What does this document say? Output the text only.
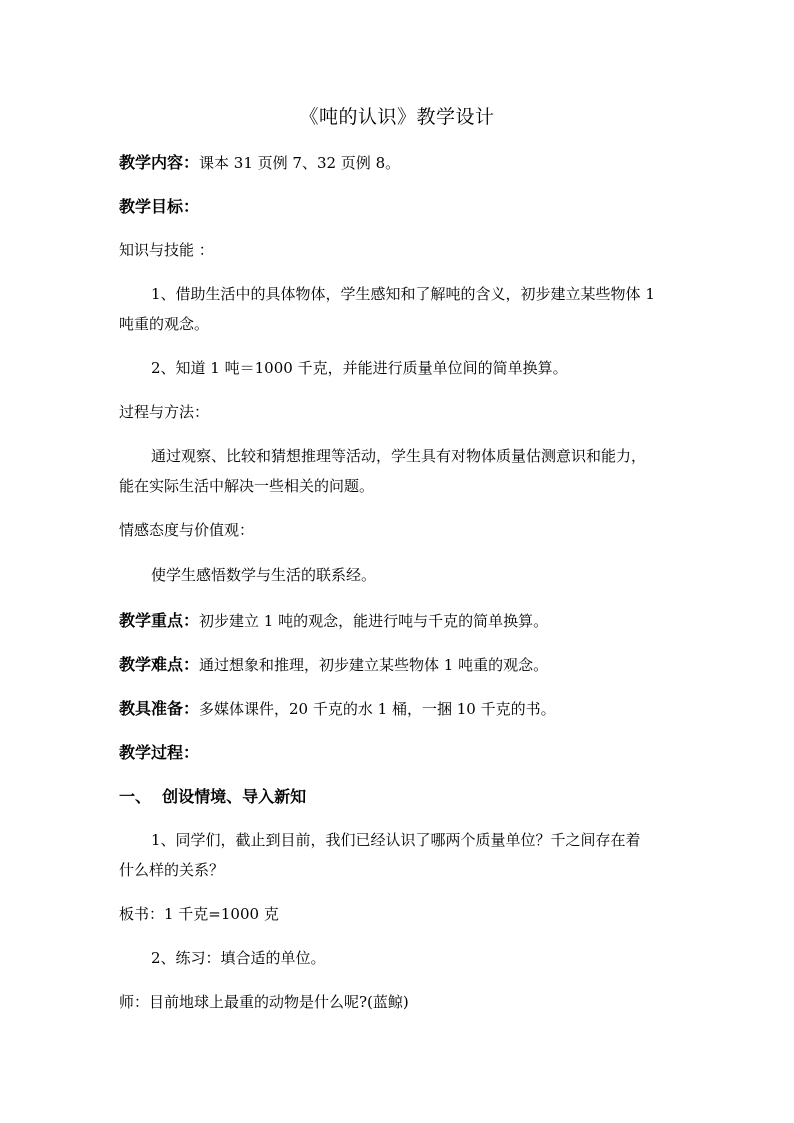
《吨的认识》教学设计
教学内容：课本 31 页例 7、32 页例 8。
教学目标：
知识与技能 ：
1、借助生活中的具体物体，学生感知和了解吨的含义，初步建立某些物体 1
吨重的观念。
2、知道 1 吨＝1000 千克，并能进行质量单位间的简单换算。
过程与方法：
通过观察、比较和猜想推理等活动，学生具有对物体质量估测意识和能力，
能在实际生活中解决一些相关的问题。
情感态度与价值观：
使学生感悟数学与生活的联系经。
教学重点：初步建立 1 吨的观念，能进行吨与千克的简单换算。
教学难点：通过想象和推理，初步建立某些物体 1 吨重的观念。
教具准备：多媒体课件，20 千克的水 1 桶，一捆 10 千克的书。
教学过程：
一、  创设情境、导入新知
1、同学们，截止到目前，我们已经认识了哪两个质量单位？千之间存在着
什么样的关系？
板书：1 千克=1000 克
2、练习：填合适的单位。
师：目前地球上最重的动物是什么呢?(蓝鲸)
